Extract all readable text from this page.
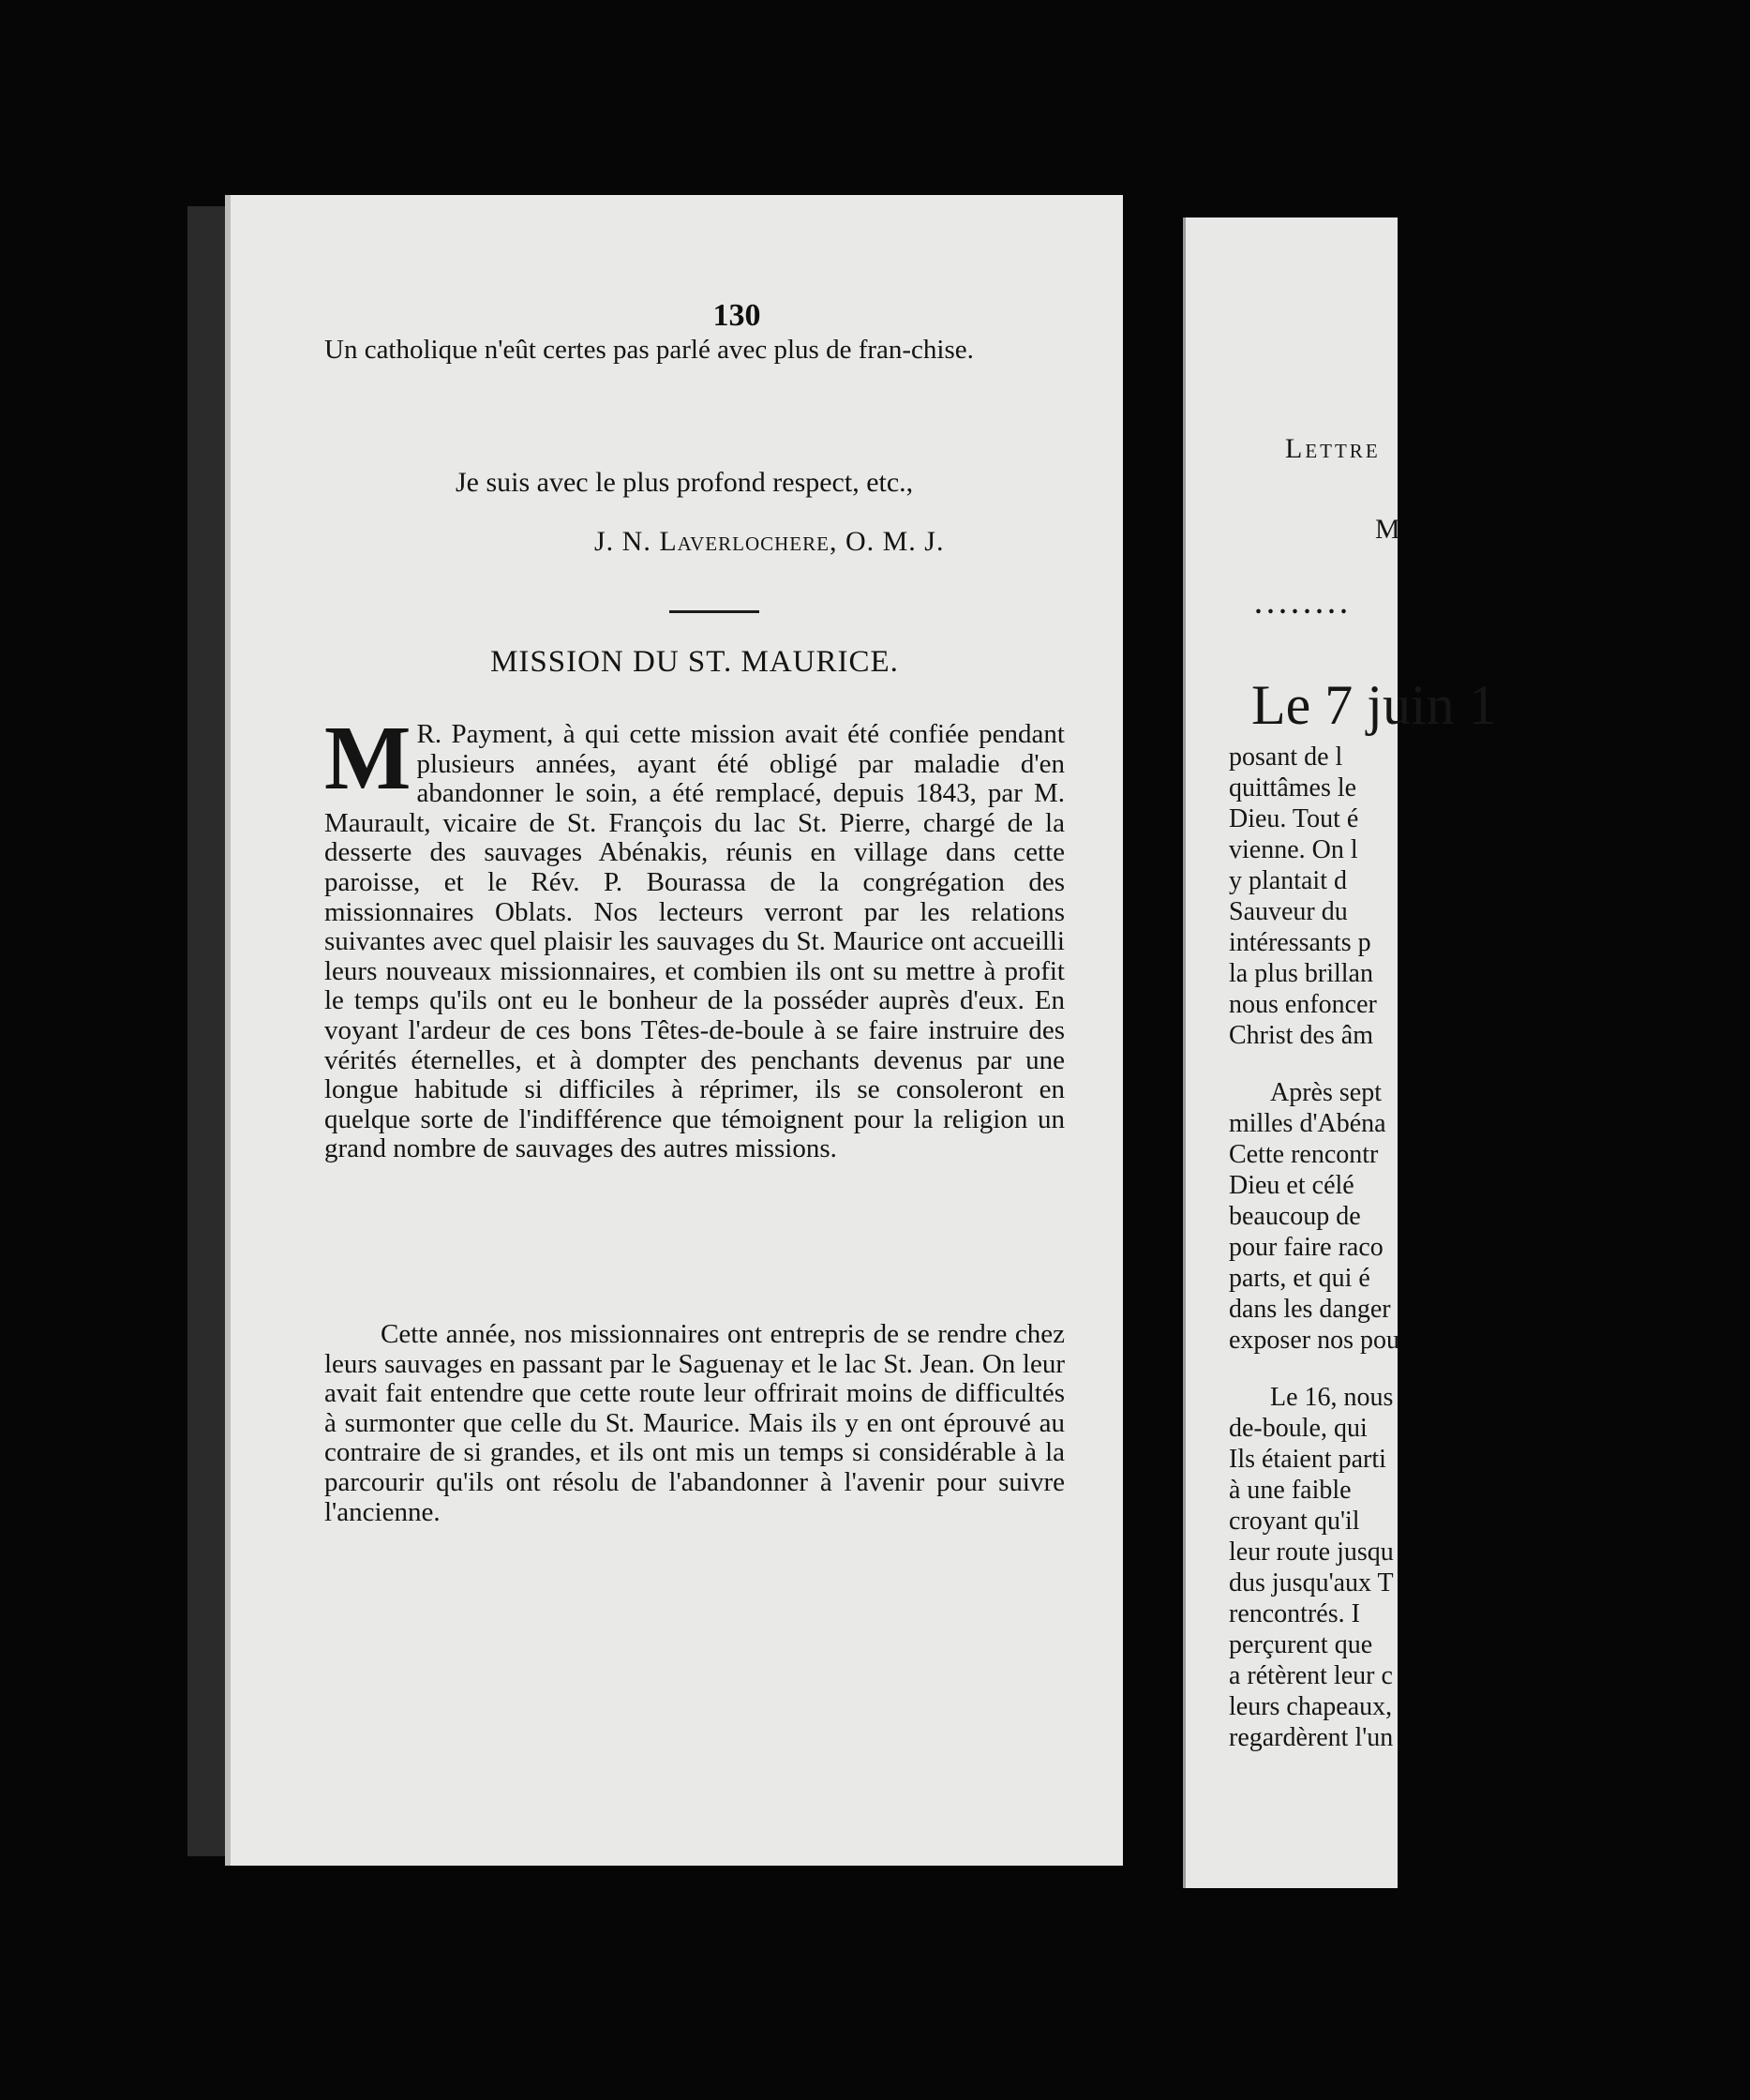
130
Un catholique n'eût certes pas parlé avec plus de fran-chise.
Je suis avec le plus profond respect, etc.,
J. N. Laverlochere, O. M. J.
MISSION DU ST. MAURICE.
M R. Payment, à qui cette mission avait été confiée pendant plusieurs années, ayant été obligé par maladie d'en abandonner le soin, a été remplacé, depuis 1843, par M. Maurault, vicaire de St. François du lac St. Pierre, chargé de la desserte des sauvages Abénakis, réunis en village dans cette paroisse, et le Rév. P. Bourassa de la congrégation des missionnaires Oblats. Nos lecteurs verront par les relations suivantes avec quel plaisir les sauvages du St. Maurice ont accueilli leurs nouveaux missionnaires, et combien ils ont su mettre à profit le temps qu'ils ont eu le bonheur de la posséder auprès d'eux. En voyant l'ardeur de ces bons Têtes-de-boule à se faire instruire des vérités éternelles, et à dompter des penchants devenus par une longue habitude si difficiles à réprimer, ils se consoleront en quelque sorte de l'indifférence que témoignent pour la religion un grand nombre de sauvages des autres missions.
Cette année, nos missionnaires ont entrepris de se rendre chez leurs sauvages en passant par le Saguenay et le lac St. Jean. On leur avait fait entendre que cette route leur offrirait moins de difficultés à surmonter que celle du St. Maurice. Mais ils y en ont éprouvé au contraire de si grandes, et ils ont mis un temps si considérable à la parcourir qu'ils ont résolu de l'abandonner à l'avenir pour suivre l'ancienne.
Lettre
M
........
Le 7 juin 1
posant de l
quittâmes le
Dieu. Tout é
vienne. On l
y plantait d
Sauveur du
intéressants p
la plus brillan
nous enfoncer
Christ des âm
Après sept
milles d'Abéna
Cette rencontr
Dieu et célé
beaucoup de
pour faire raco
parts, et qui é
dans les danger
exposer nos pou
Le 16, nous
de-boule, qui
Ils étaient parti
à une faible
croyant qu'il
leur route jusqu
dus jusqu'aux T
rencontrés. I
perçurent que
a rétèrent leur c
leurs chapeaux,
regardèrent l'un
